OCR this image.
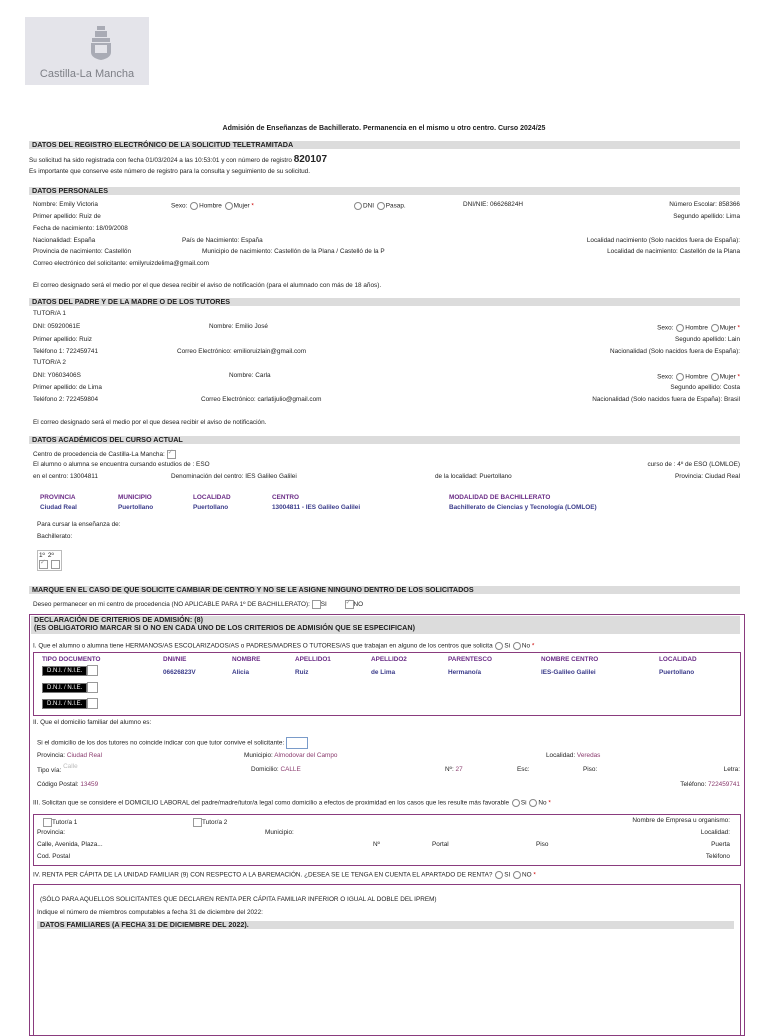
Castilla-La Mancha
Admisión de Enseñanzas de Bachillerato. Permanencia en el mismo u otro centro. Curso 2024/25
DATOS DEL REGISTRO ELECTRÓNICO DE LA SOLICITUD TELETRAMITADA
Su solicitud ha sido registrada con fecha 01/03/2024 a las 10:53:01 y con número de registro 820107
Es importante que conserve este número de registro para la consulta y seguimiento de su solicitud.
DATOS PERSONALES
Nombre: Emily Victoria	Sexo: Hombre Mujer *	DNI Pasap.	DNI/NIE: 06626824H	Número Escolar: 858366
Primer apellido: Ruiz de	Segundo apellido: Lima
Fecha de nacimiento: 18/09/2008
Nacionalidad: España	País de Nacimiento: España	Localidad nacimiento (Solo nacidos fuera de España):
Provincia de nacimiento: Castellón	Municipio de nacimiento: Castellón de la Plana / Castelló de la P	Localidad de nacimiento: Castellón de la Plana
Correo electrónico del solicitante: emilyruizdelima@gmail.com
El correo designado será el medio por el que desea recibir el aviso de notificación (para el alumnado con más de 18 años).
DATOS DEL PADRE Y DE LA MADRE O DE LOS TUTORES
TUTOR/A 1
DNI: 05920061E	Nombre: Emilio José	Sexo: Hombre Mujer *
Primer apellido: Ruiz	Segundo apellido: Lain
Teléfono 1: 722459741	Correo Electrónico: emilioruizlain@gmail.com	Nacionalidad (Solo nacidos fuera de España):
TUTOR/A 2
DNI: Y0603406S	Nombre: Carla	Sexo: Hombre Mujer *
Primer apellido: de Lima	Segundo apellido: Costa
Teléfono 2: 722459804	Correo Electrónico: carlatijulio@gmail.com	Nacionalidad (Solo nacidos fuera de España): Brasil
El correo designado será el medio por el que desea recibir el aviso de notificación.
DATOS ACADÉMICOS DEL CURSO ACTUAL
Centro de procedencia de Castilla-La Mancha: ✓
El alumno o alumna se encuentra cursando estudios de : ESO	curso de : 4º de ESO (LOMLOE)
en el centro: 13004811	Denominación del centro: IES Galileo Galilei	de la localidad: Puertollano	Provincia: Ciudad Real
PROVINCIA	MUNICIPIO	LOCALIDAD	CENTRO	MODALIDAD DE BACHILLERATO
Ciudad Real	Puertollano	Puertollano	13004811 - IES Galileo Galilei	Bachillerato de Ciencias y Tecnología (LOMLOE)
Para cursar la enseñanza de:
Bachillerato:
1º 2º
✓
MARQUE EN EL CASO DE QUE SOLICITE CAMBIAR DE CENTRO Y NO SE LE ASIGNE NINGUNO DENTRO DE LOS SOLICITADOS
Deseo permanecer en mi centro de procedencia (NO APLICABLE PARA 1º DE BACHILLERATO): SI          ✓	NO
DECLARACIÓN DE CRITERIOS DE ADMISIÓN: (8)
(ES OBLIGATORIO MARCAR SI O NO EN CADA UNO DE LOS CRITERIOS DE ADMISIÓN QUE SE ESPECIFICAN)
I. Que el alumno o alumna tiene HERMANOS/AS ESCOLARIZADOS/AS o PADRES/MADRES O TUTORES/AS que trabajan en alguno de los centros que solicita Si No *
TIPO DOCUMENTO	DNI/NIE	NOMBRE	APELLIDO1	APELLIDO2	PARENTESCO	NOMBRE CENTRO	LOCALIDAD
D.N.I. / N.I.E.
D.N.I. / N.I.E.
D.N.I. / N.I.E.
06626823V	Alicia	Ruiz	de Lima	Hermano/a	IES-Galileo Galilei	Puertollano
II. Que el domicilio familiar del alumno es:
Si el domicilio de los dos tutores no coincide indicar con que tutor convive el solicitante:
Provincia: Ciudad Real	Municipio: Almodovar del Campo	Localidad: Veredas
Tipo vía: Calle	Domicilio: CALLE	Nº: 27	Esc:	Piso:	Letra:
Código Postal: 13459	Teléfono: 722459741
III. Solicitan que se considere el DOMICILIO LABORAL del padre/madre/tutor/a legal como domicilio a efectos de proximidad en los casos que les resulte más favorable Si No *
Tutor/a 1	Tutor/a 2	Nombre de Empresa u organismo:
Provincia:	Municipio:	Localidad:
Calle, Avenida, Plaza...	Nº	Portal	Piso	Puerta
Cod. Postal	Teléfono
IV. RENTA PER CÁPITA DE LA UNIDAD FAMILIAR (9) CON RESPECTO A LA BAREMACIÓN. ¿DESEA SE LE TENGA EN CUENTA EL APARTADO DE RENTA? SI NO *
(SÓLO PARA AQUELLOS SOLICITANTES QUE DECLAREN RENTA PER CÁPITA FAMILIAR INFERIOR O IGUAL AL DOBLE DEL IPREM)
Indique el número de miembros computables a fecha 31 de diciembre del 2022:
DATOS FAMILIARES (A FECHA 31 DE DICIEMBRE DEL 2022).
